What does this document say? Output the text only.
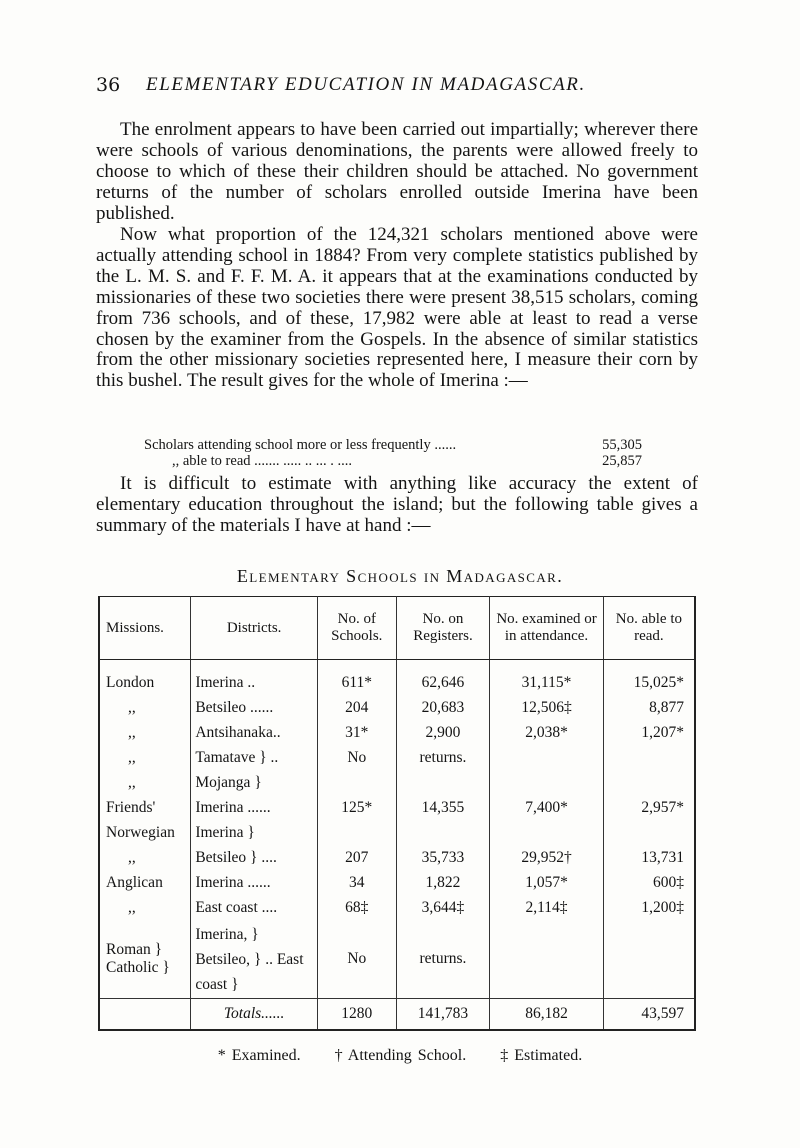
36 ELEMENTARY EDUCATION IN MADAGASCAR.
The enrolment appears to have been carried out impartially; wherever there were schools of various denominations, the parents were allowed freely to choose to which of these their children should be attached. No government returns of the number of scholars enrolled outside Imerina have been published.
Now what proportion of the 124,321 scholars mentioned above were actually attending school in 1884? From very complete statistics published by the L. M. S. and F. F. M. A. it appears that at the examinations conducted by missionaries of these two societies there were present 38,515 scholars, coming from 736 schools, and of these, 17,982 were able at least to read a verse chosen by the examiner from the Gospels. In the absence of similar statistics from the other missionary societies represented here, I measure their corn by this bushel. The result gives for the whole of Imerina :—
Scholars attending school more or less frequently ......	55,305
,, able to read ....... ..... .. ... . ....	25,857
It is difficult to estimate with anything like accuracy the extent of elementary education throughout the island; but the following table gives a summary of the materials I have at hand :—
Elementary Schools in Madagascar.
Missions.	Districts.	No. of Schools.	No. on Registers.	No. examined or in attendance.	No. able to read.
London	Imerina ..	611*	62,646	31,115*	15,025*
,,	Betsileo ......	204	20,683	12,506‡	8,877
,,	Antsihanaka..	31*	2,900	2,038*	1,207*
,,	Tamatave } ..	No	returns.		
,,	Mojanga }				
Friends'	Imerina ......	125*	14,355	7,400*	2,957*
Norwegian	Imerina }				
,,	Betsileo } ....	207	35,733	29,952†	13,731
Anglican	Imerina ......	34	1,822	1,057*	600‡
,,	East coast ....	68‡	3,644‡	2,114‡	1,200‡
Roman } Catholic }	Imerina, } Betsileo, } .. East coast }	No	returns.		
	Totals......	1280	141,783	86,182	43,597
* Examined. † Attending School. ‡ Estimated.
